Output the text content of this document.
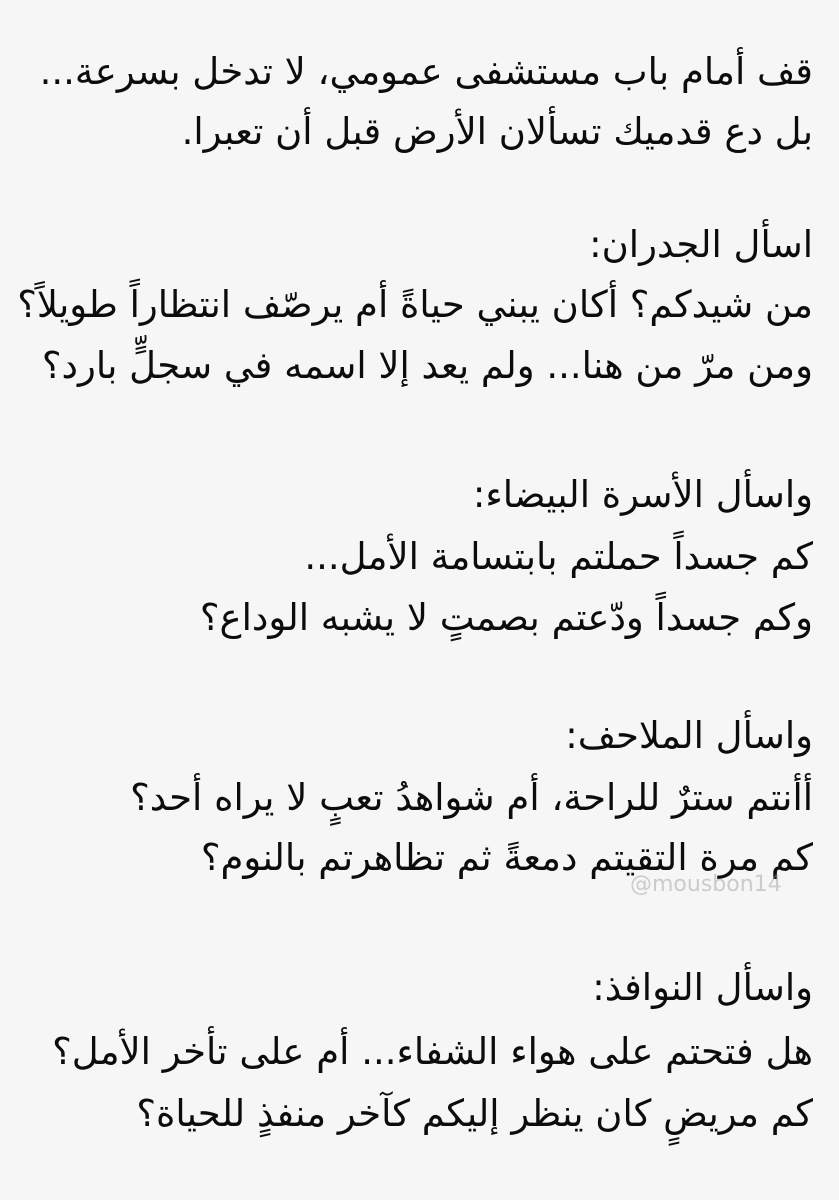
قف أمام باب مستشفى عمومي، لا تدخل بسرعة...
بل دع قدميك تسألان الأرض قبل أن تعبرا.
اسأل الجدران:
من شيدكم؟ أكان يبني حياةً أم يرصّف انتظاراً طويلاً؟
ومن مرّ من هنا... ولم يعد إلا اسمه في سجلٍّ بارد؟
واسأل الأسرة البيضاء:
كم جسداً حملتم بابتسامة الأمل...
وكم جسداً ودّعتم بصمتٍ لا يشبه الوداع؟
واسأل الملاحف:
أأنتم سترٌ للراحة، أم شواهدُ تعبٍ لا يراه أحد؟
كم مرة التقيتم دمعةً ثم تظاهرتم بالنوم؟
واسأل النوافذ:
هل فتحتم على هواء الشفاء... أم على تأخر الأمل؟
كم مريضٍ كان ينظر إليكم كآخر منفذٍ للحياة؟
@mousbon14
